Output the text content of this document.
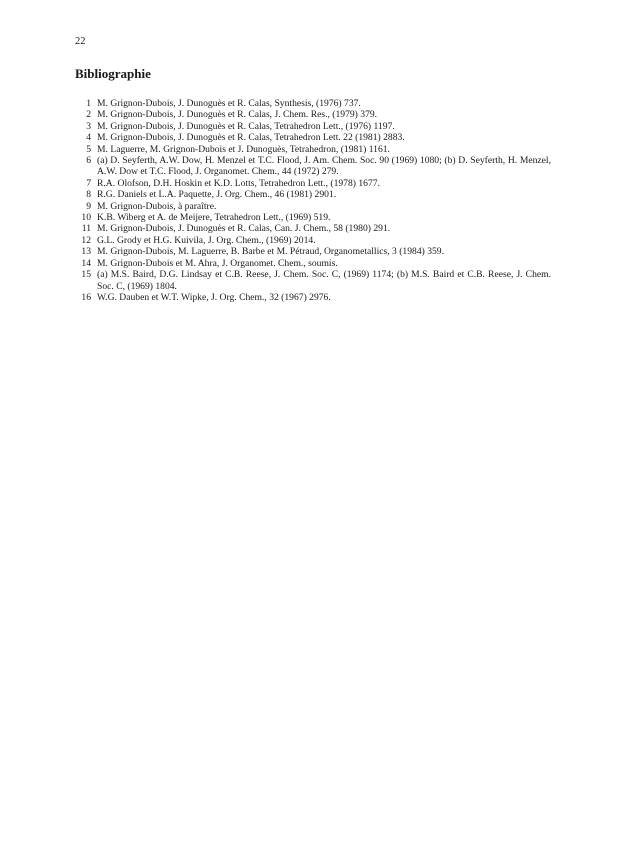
22
Bibliographie
1 M. Grignon-Dubois, J. Dunoguès et R. Calas, Synthesis, (1976) 737.
2 M. Grignon-Dubois, J. Dunoguès et R. Calas, J. Chem. Res., (1979) 379.
3 M. Grignon-Dubois, J. Dunoguès et R. Calas, Tetrahedron Lett., (1976) 1197.
4 M. Grignon-Dubois, J. Dunoguès et R. Calas, Tetrahedron Lett. 22 (1981) 2883.
5 M. Laguerre, M. Grignon-Dubois et J. Dunoguès, Tetrahedron, (1981) 1161.
6 (a) D. Seyferth, A.W. Dow, H. Menzel et T.C. Flood, J. Am. Chem. Soc. 90 (1969) 1080; (b) D. Seyferth, H. Menzel, A.W. Dow et T.C. Flood, J. Organomet. Chem., 44 (1972) 279.
7 R.A. Olofson, D.H. Hoskin et K.D. Lotts, Tetrahedron Lett., (1978) 1677.
8 R.G. Daniels et L.A. Paquette, J. Org. Chem., 46 (1981) 2901.
9 M. Grignon-Dubois, à paraître.
10 K.B. Wiberg et A. de Meijere, Tetrahedron Lett., (1969) 519.
11 M. Grignon-Dubois, J. Dunoguès et R. Calas, Can. J. Chem., 58 (1980) 291.
12 G.L. Grody et H.G. Kuivila, J. Org. Chem., (1969) 2014.
13 M. Grignon-Dubois, M. Laguerre, B. Barbe et M. Pétraud, Organometallics, 3 (1984) 359.
14 M. Grignon-Dubois et M. Ahra, J. Organomet. Chem., soumis.
15 (a) M.S. Baird, D.G. Lindsay et C.B. Reese, J. Chem. Soc. C, (1969) 1174; (b) M.S. Baird et C.B. Reese, J. Chem. Soc. C, (1969) 1804.
16 W.G. Dauben et W.T. Wipke, J. Org. Chem., 32 (1967) 2976.
